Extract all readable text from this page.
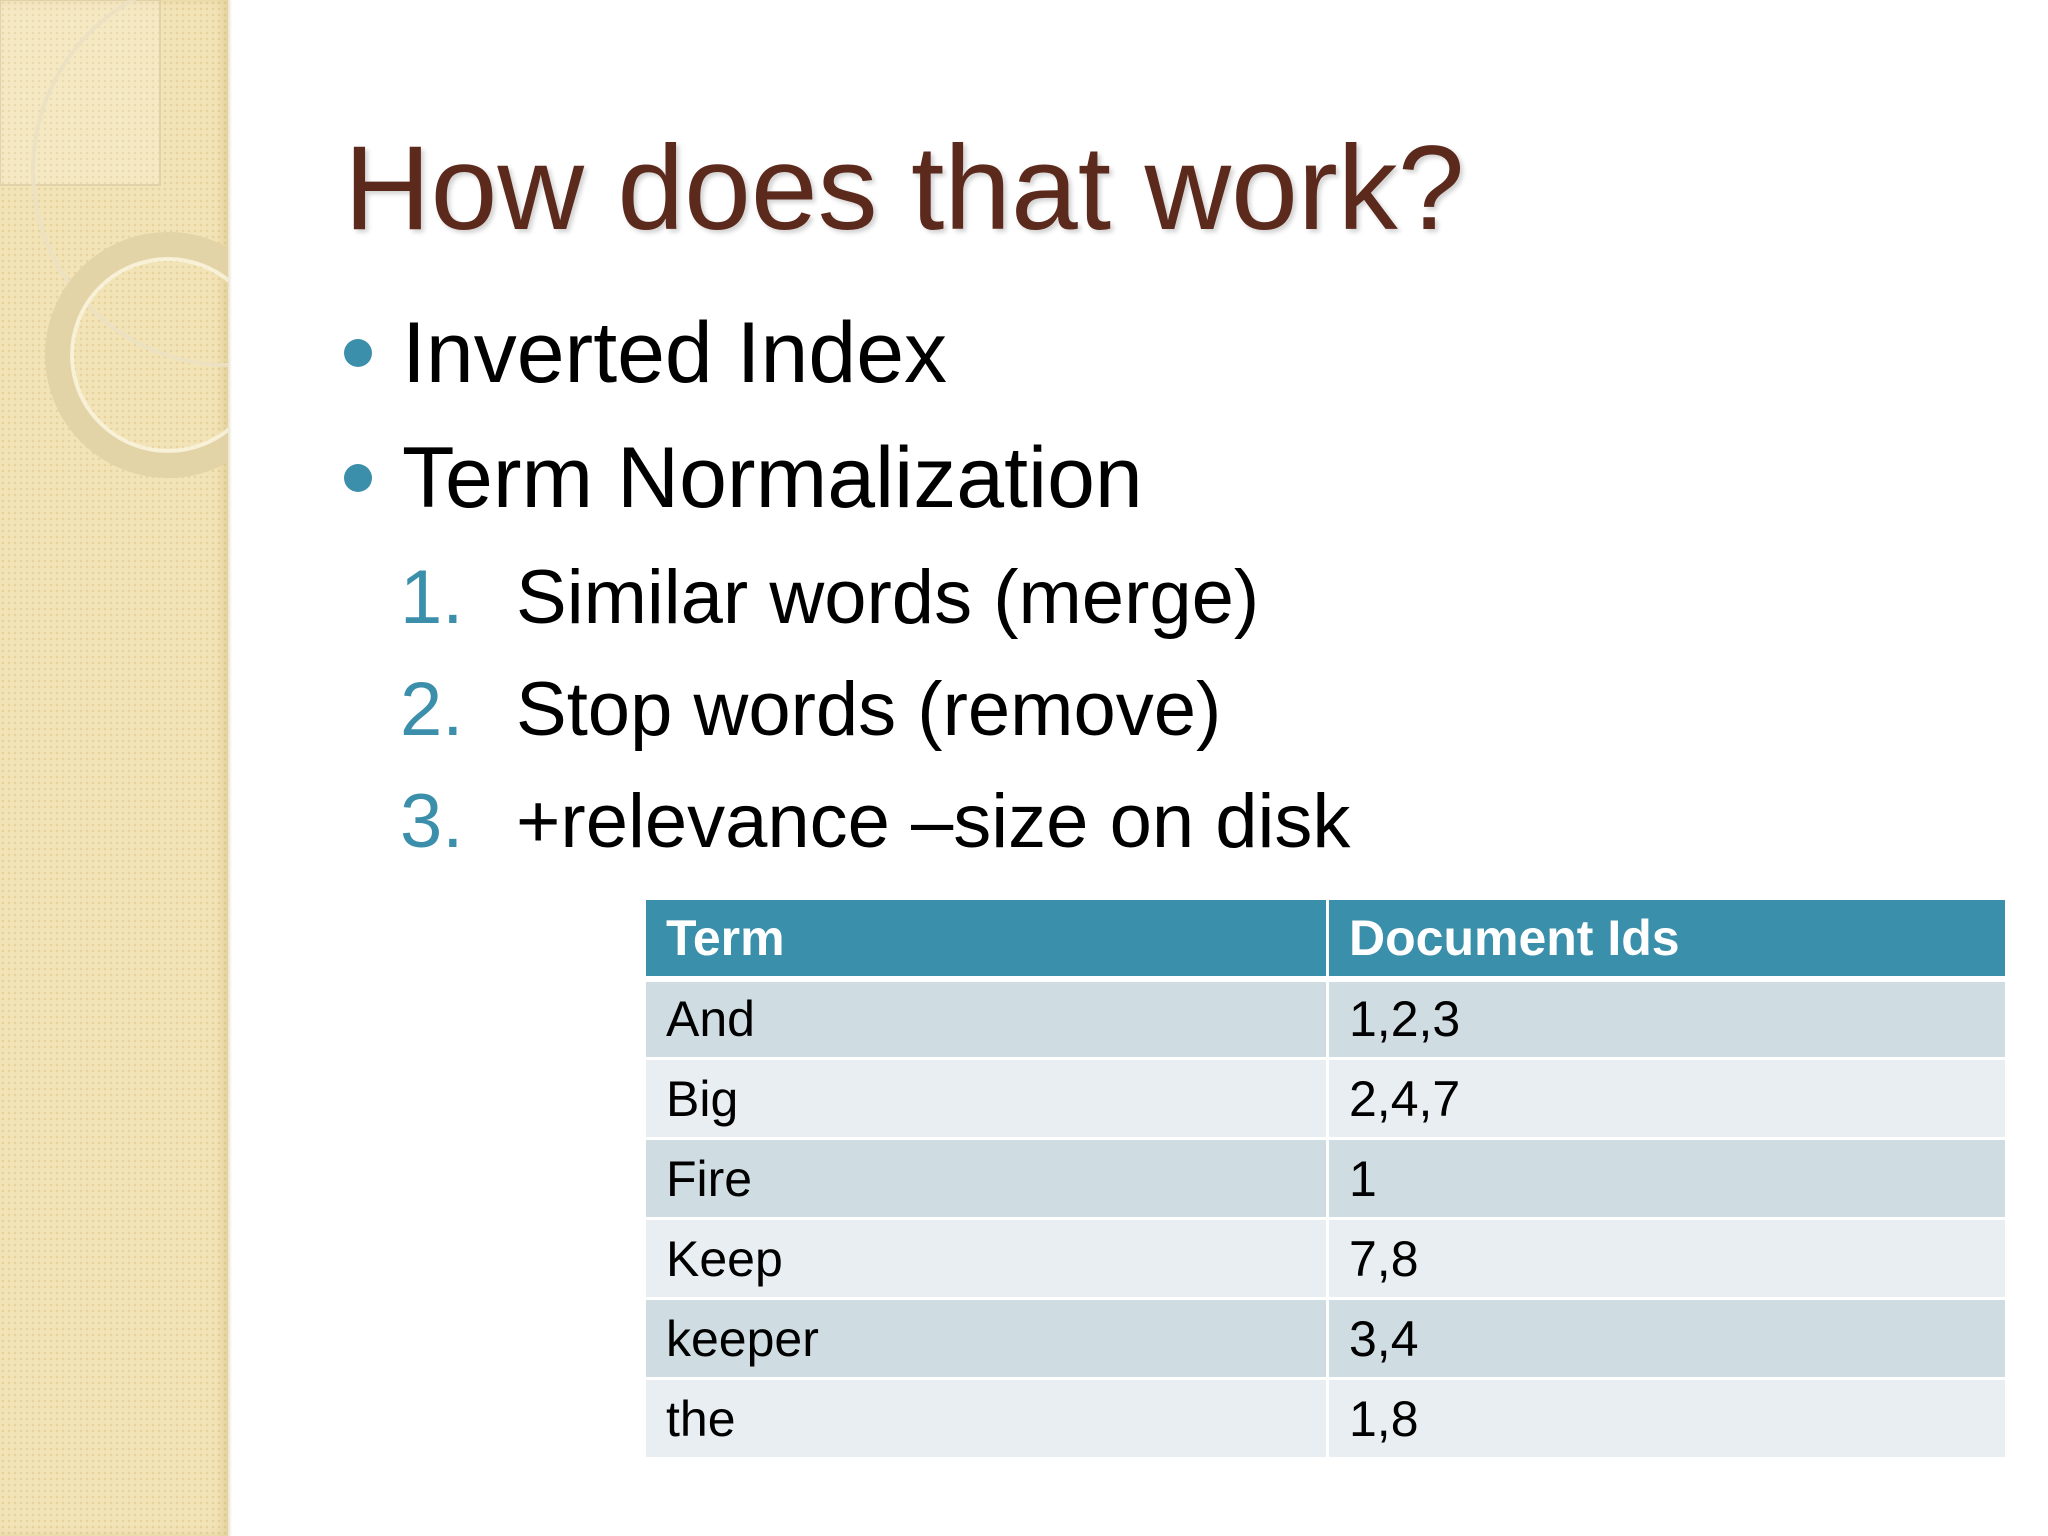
How does that work?
Inverted Index
Term Normalization
1. Similar words (merge)
2. Stop words (remove)
3. +relevance –size on disk
Term	Document Ids
And	1,2,3
Big	2,4,7
Fire	1
Keep	7,8
keeper	3,4
the	1,8
